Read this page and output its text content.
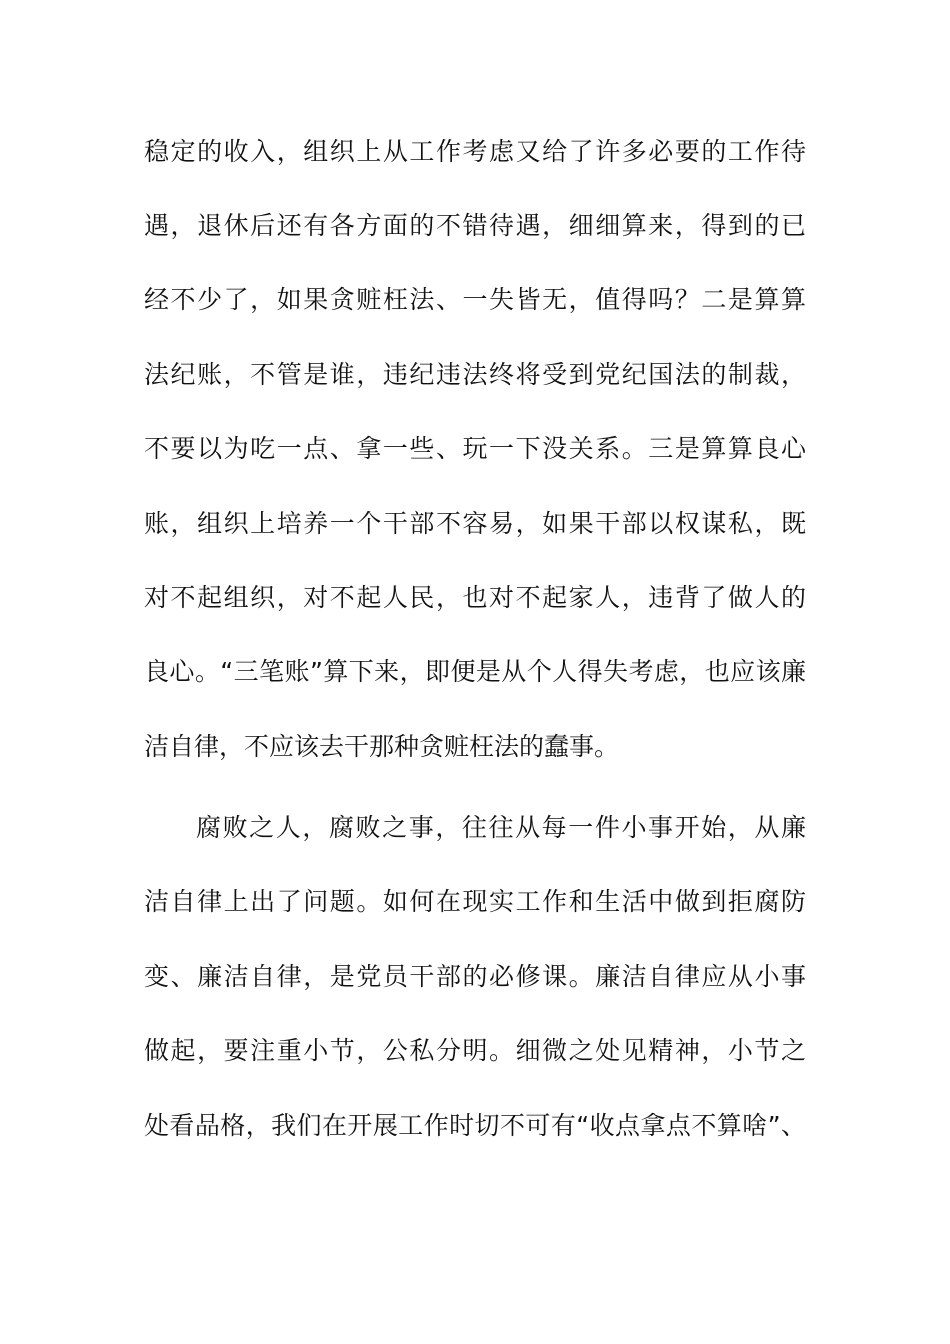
稳定的收入，组织上从工作考虑又给了许多必要的工作待
遇，退休后还有各方面的不错待遇，细细算来，得到的已
经不少了，如果贪赃枉法、一失皆无，值得吗？二是算算
法纪账，不管是谁，违纪违法终将受到党纪国法的制裁，
不要以为吃一点、拿一些、玩一下没关系。三是算算良心
账，组织上培养一个干部不容易，如果干部以权谋私，既
对不起组织，对不起人民，也对不起家人，违背了做人的
良心。“三笔账”算下来，即便是从个人得失考虑，也应该廉
洁自律，不应该去干那种贪赃枉法的蠢事。
腐败之人，腐败之事，往往从每一件小事开始，从廉
洁自律上出了问题。如何在现实工作和生活中做到拒腐防
变、廉洁自律，是党员干部的必修课。廉洁自律应从小事
做起，要注重小节，公私分明。细微之处见精神，小节之
处看品格，我们在开展工作时切不可有“收点拿点不算啥”、
